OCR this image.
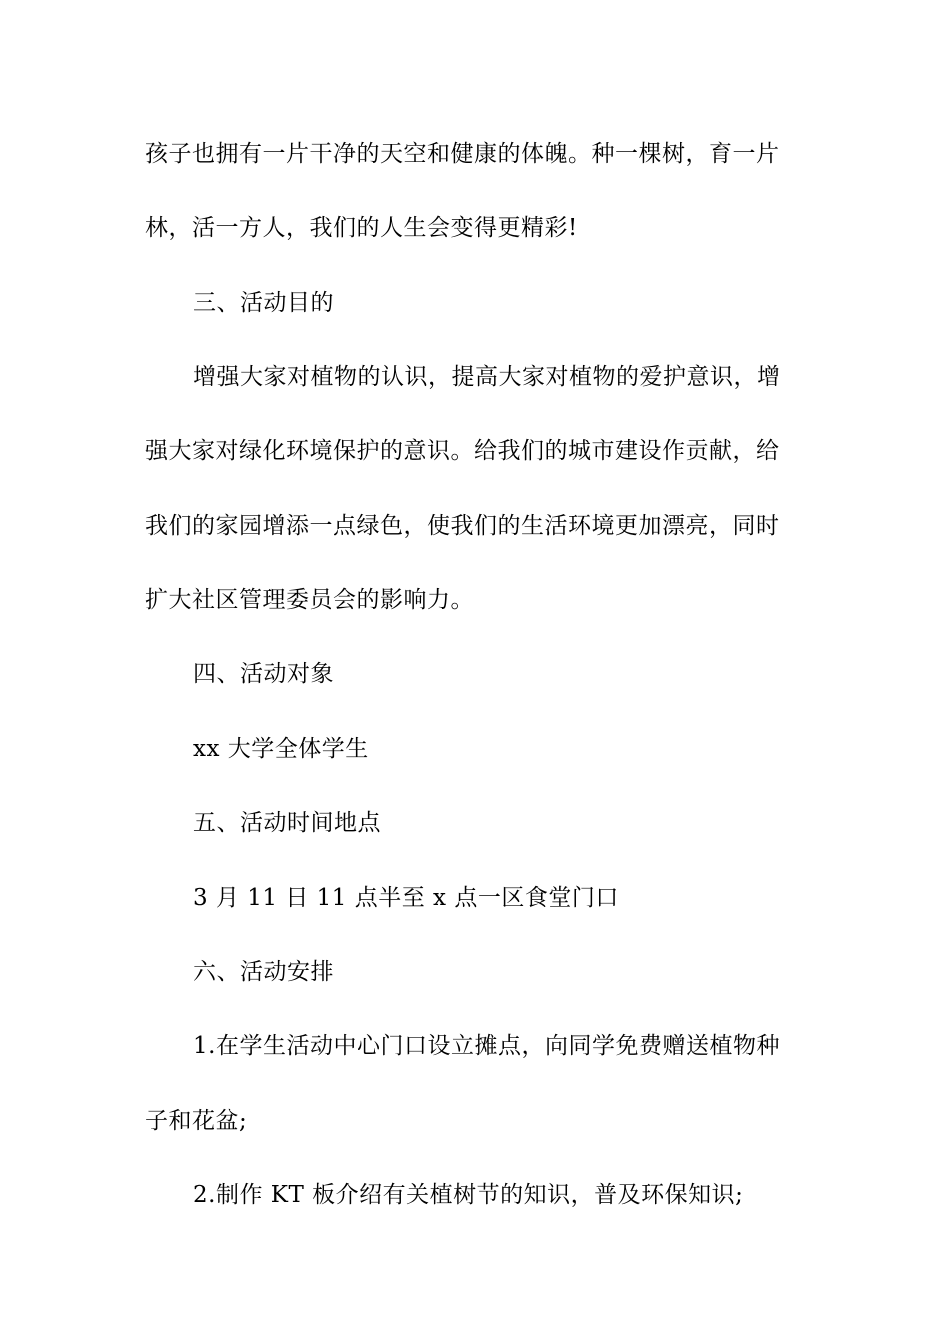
孩子也拥有一片干净的天空和健康的体魄。种一棵树，育一片
林，活一方人，我们的人生会变得更精彩!
三、活动目的
增强大家对植物的认识，提高大家对植物的爱护意识，增
强大家对绿化环境保护的意识。给我们的城市建设作贡献，给
我们的家园增添一点绿色，使我们的生活环境更加漂亮，同时
扩大社区管理委员会的影响力。
四、活动对象
xx 大学全体学生
五、活动时间地点
3 月 11 日 11 点半至 x 点一区食堂门口
六、活动安排
1.在学生活动中心门口设立摊点，向同学免费赠送植物种
子和花盆;
2.制作 KT 板介绍有关植树节的知识，普及环保知识;
